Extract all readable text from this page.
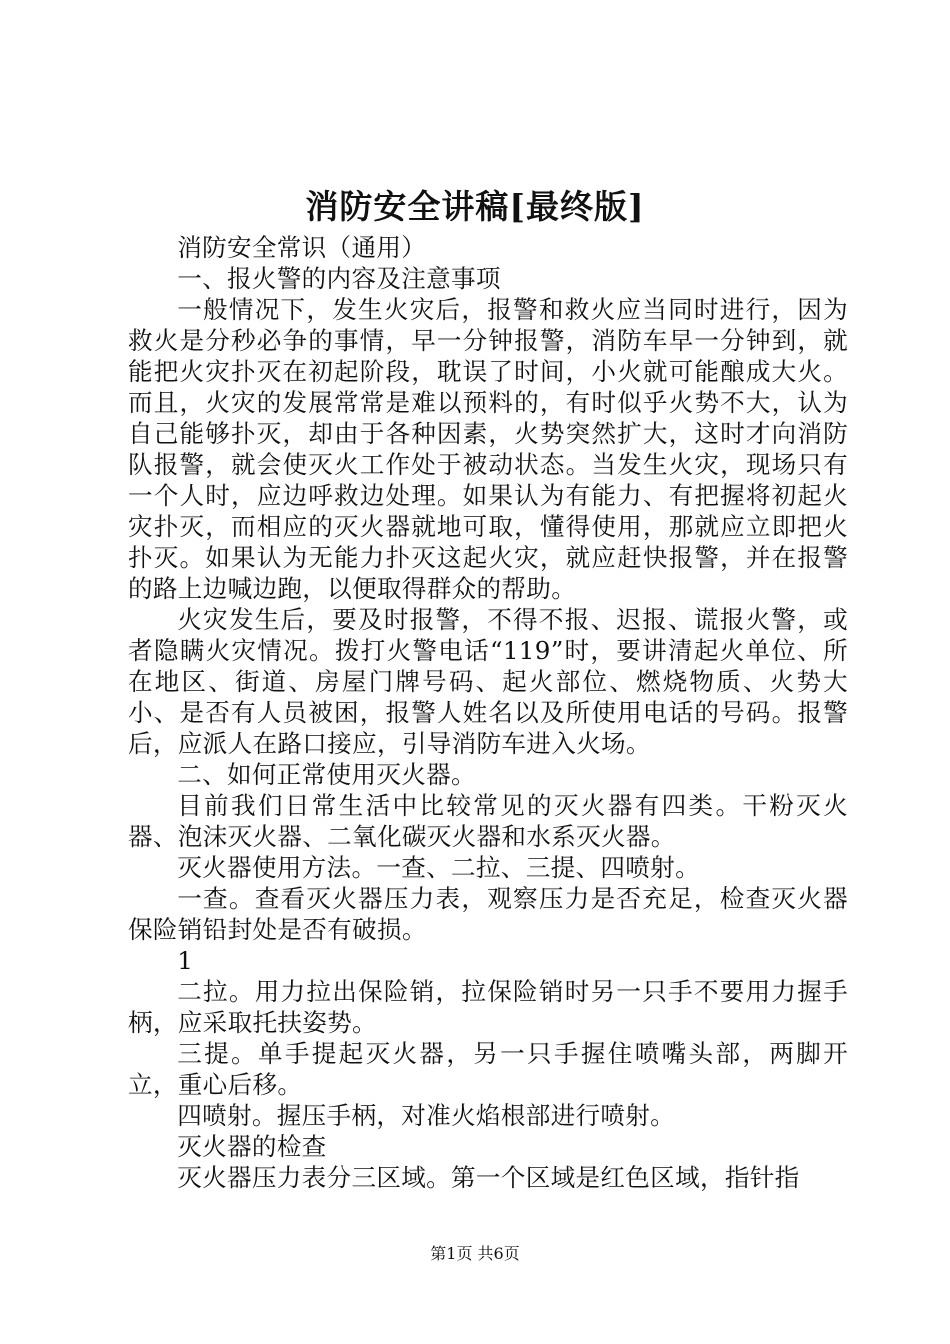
消防安全讲稿[最终版]

消防安全常识（通用）

一、报火警的内容及注意事项

一般情况下，发生火灾后，报警和救火应当同时进行，因为救火是分秒必争的事情，早一分钟报警，消防车早一分钟到，就能把火灾扑灭在初起阶段，耽误了时间，小火就可能酿成大火。而且，火灾的发展常常是难以预料的，有时似乎火势不大，认为自己能够扑灭，却由于各种因素，火势突然扩大，这时才向消防队报警，就会使灭火工作处于被动状态。当发生火灾，现场只有一个人时，应边呼救边处理。如果认为有能力、有把握将初起火灾扑灭，而相应的灭火器就地可取，懂得使用，那就应立即把火扑灭。如果认为无能力扑灭这起火灾，就应赶快报警，并在报警的路上边喊边跑，以便取得群众的帮助。

火灾发生后，要及时报警，不得不报、迟报、谎报火警，或者隐瞒火灾情况。拨打火警电话“119”时，要讲清起火单位、所在地区、街道、房屋门牌号码、起火部位、燃烧物质、火势大小、是否有人员被困，报警人姓名以及所使用电话的号码。报警后，应派人在路口接应，引导消防车进入火场。

二、如何正常使用灭火器。

目前我们日常生活中比较常见的灭火器有四类。干粉灭火器、泡沫灭火器、二氧化碳灭火器和水系灭火器。

灭火器使用方法。一查、二拉、三提、四喷射。

一查。查看灭火器压力表，观察压力是否充足，检查灭火器保险销铅封处是否有破损。

1

二拉。用力拉出保险销，拉保险销时另一只手不要用力握手柄，应采取托扶姿势。

三提。单手提起灭火器，另一只手握住喷嘴头部，两脚开立，重心后移。

四喷射。握压手柄，对准火焰根部进行喷射。

灭火器的检查

灭火器压力表分三区域。第一个区域是红色区域，指针指

第1页 共6页
